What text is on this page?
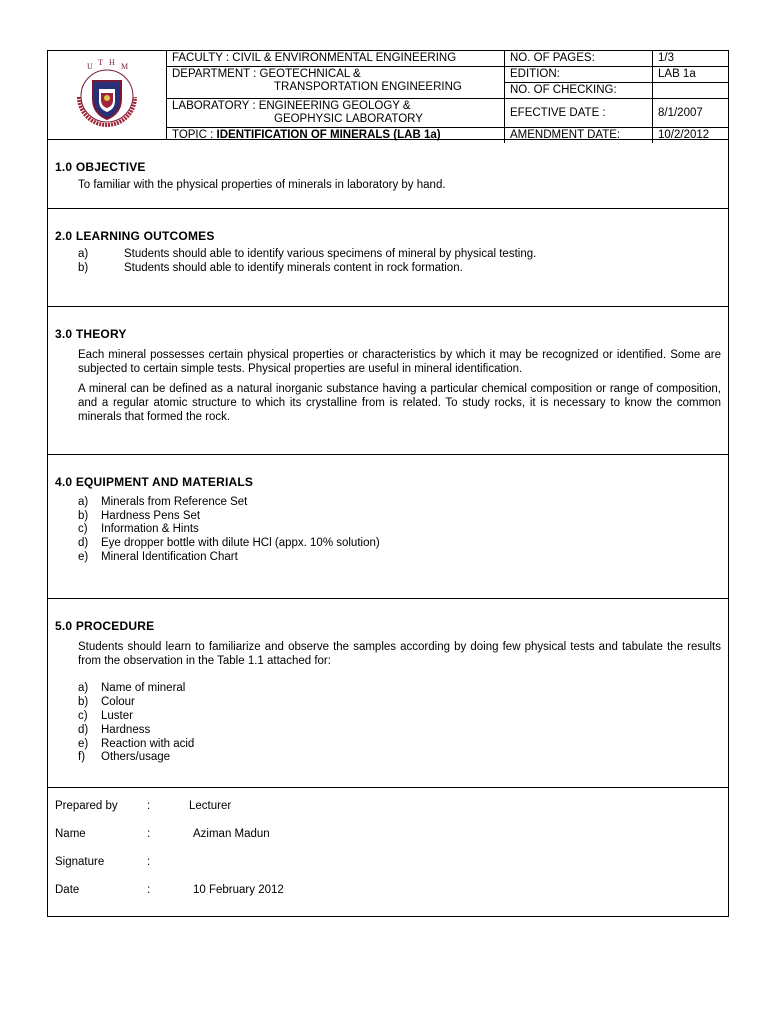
U T H M
FACULTY : CIVIL & ENVIRONMENTAL ENGINEERING	NO. OF PAGES:	1/3
DEPARTMENT : GEOTECHNICAL &
TRANSPORTATION ENGINEERING
EDITION:	LAB 1a
NO. OF CHECKING:
LABORATORY : ENGINEERING GEOLOGY &
GEOPHYSIC LABORATORY
EFECTIVE DATE :	8/1/2007
TOPIC : IDENTIFICATION OF MINERALS (LAB 1a)	AMENDMENT DATE:	10/2/2012
1.0 OBJECTIVE

To familiar with the physical properties of minerals in laboratory by hand.

2.0 LEARNING OUTCOMES
a)	Students should able to identify various specimens of mineral by physical testing.
b)	Students should able to identify minerals content in rock formation.
3.0 THEORY

Each mineral possesses certain physical properties or characteristics by which it may be recognized or identified. Some are subjected to certain simple tests. Physical properties are useful in mineral identification.

A mineral can be defined as a natural inorganic substance having a particular chemical composition or range of composition, and a regular atomic structure to which its crystalline from is related. To study rocks, it is necessary to know the common minerals that formed the rock.

4.0 EQUIPMENT AND MATERIALS
a)	Minerals from Reference Set
b)	Hardness Pens Set
c)	Information & Hints
d)	Eye dropper bottle with dilute HCl (appx. 10% solution)
e)	Mineral Identification Chart
5.0 PROCEDURE

Students should learn to familiarize and observe the samples according by doing few physical tests and tabulate the results from the observation in the Table 1.1 attached for:

a)	Name of mineral
b)	Colour
c)	Luster
d)	Hardness
e)	Reaction with acid
f)	Others/usage
Prepared by	:	Lecturer
Name	:	Aziman Madun
Signature	:
Date	:	10 February 2012
